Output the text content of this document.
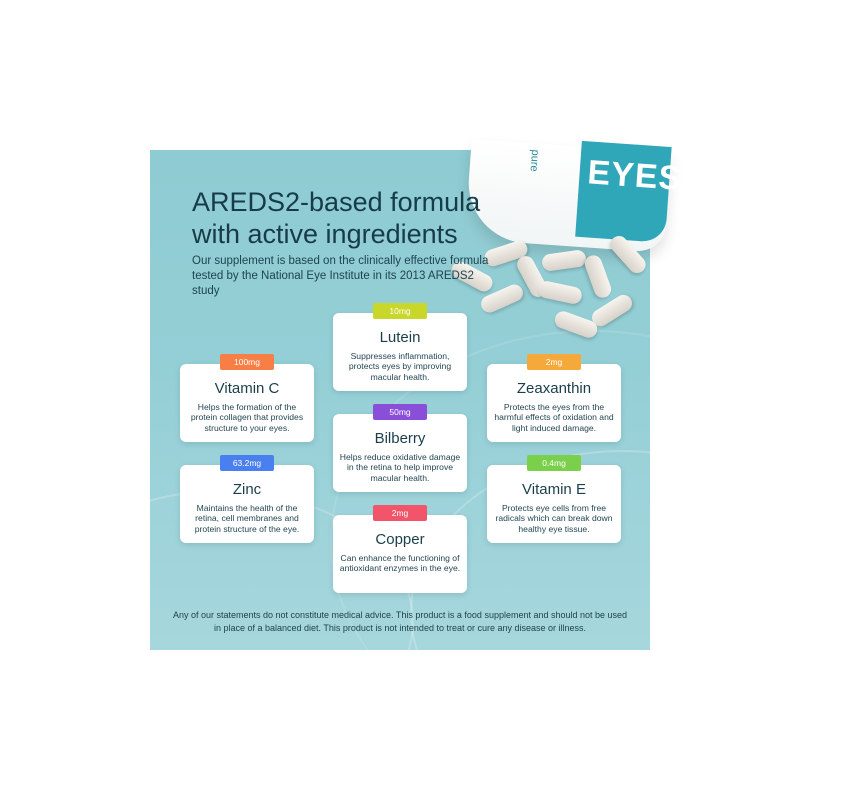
pure EYES
AREDS2-based formula
with active ingredients

Our supplement is based on the clinically effective formula tested by the National Eye Institute in its 2013 AREDS2 study

10mg
Lutein
Suppresses inflammation, protects eyes by improving macular health.
100mg
Vitamin C
Helps the formation of the protein collagen that provides structure to your eyes.
2mg
Zeaxanthin
Protects the eyes from the harmful effects of oxidation and light induced damage.
50mg
Bilberry
Helps reduce oxidative damage in the retina to help improve macular health.
63.2mg
Zinc
Maintains the health of the retina, cell membranes and protein structure of the eye.
0.4mg
Vitamin E
Protects eye cells from free radicals which can break down healthy eye tissue.
2mg
Copper
Can enhance the functioning of antioxidant enzymes in the eye.

Any of our statements do not constitute medical advice. This product is a food supplement and should not be used in place of a balanced diet. This product is not intended to treat or cure any disease or illness.
